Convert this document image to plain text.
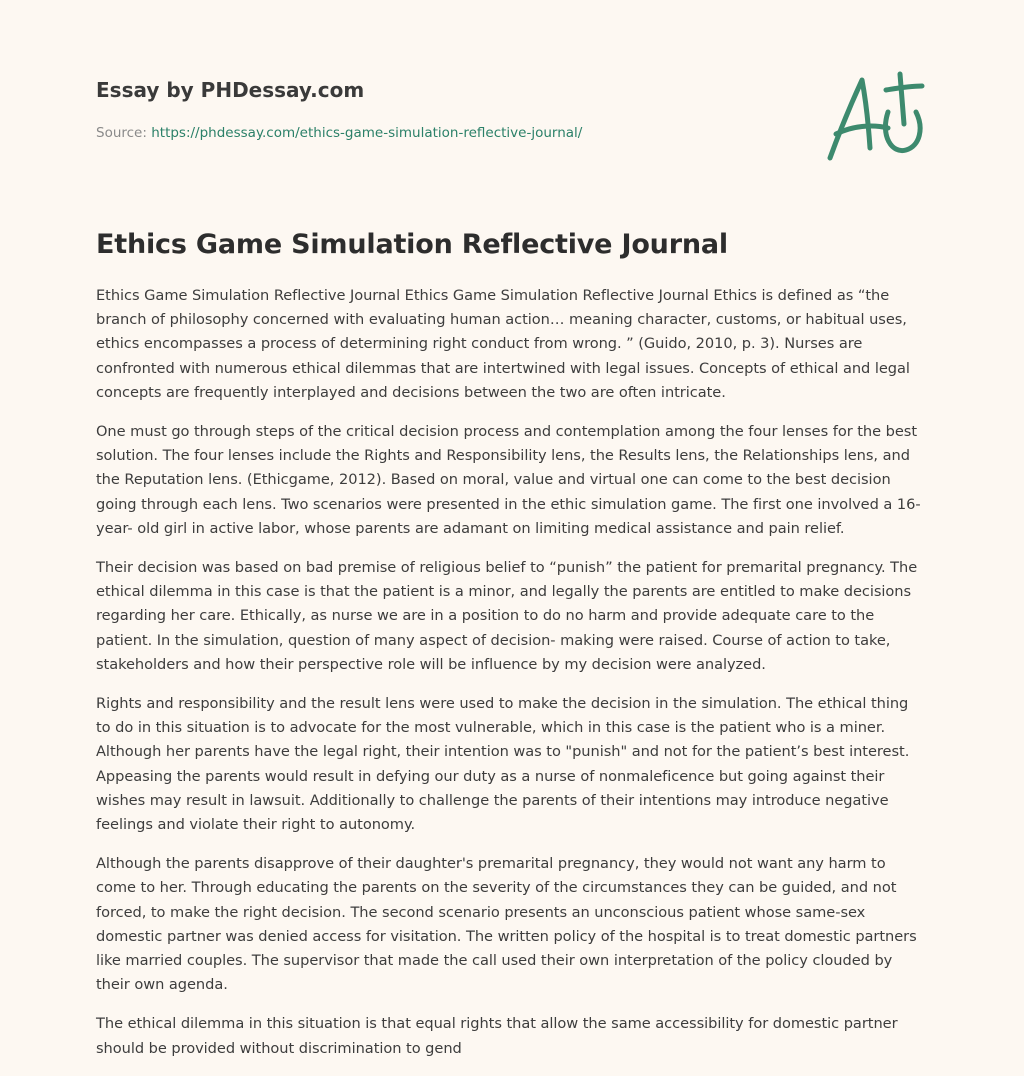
Essay by PHDessay.com
Source: https://phdessay.com/ethics-game-simulation-reflective-journal/
Ethics Game Simulation Reflective Journal

Ethics Game Simulation Reflective Journal Ethics Game Simulation Reflective Journal Ethics is defined as “the branch of philosophy concerned with evaluating human action… meaning character, customs, or habitual uses, ethics encompasses a process of determining right conduct from wrong. ” (Guido, 2010, p. 3). Nurses are confronted with numerous ethical dilemmas that are intertwined with legal issues. Concepts of ethical and legal concepts are frequently interplayed and decisions between the two are often intricate.

One must go through steps of the critical decision process and contemplation among the four lenses for the best solution. The four lenses include the Rights and Responsibility lens, the Results lens, the Relationships lens, and the Reputation lens. (Ethicgame, 2012). Based on moral, value and virtual one can come to the best decision going through each lens. Two scenarios were presented in the ethic simulation game. The first one involved a 16- year- old girl in active labor, whose parents are adamant on limiting medical assistance and pain relief.

Their decision was based on bad premise of religious belief to “punish” the patient for premarital pregnancy. The ethical dilemma in this case is that the patient is a minor, and legally the parents are entitled to make decisions regarding her care. Ethically, as nurse we are in a position to do no harm and provide adequate care to the patient. In the simulation, question of many aspect of decision- making were raised. Course of action to take, stakeholders and how their perspective role will be influence by my decision were analyzed.

Rights and responsibility and the result lens were used to make the decision in the simulation. The ethical thing to do in this situation is to advocate for the most vulnerable, which in this case is the patient who is a miner. Although her parents have the legal right, their intention was to "punish" and not for the patient’s best interest. Appeasing the parents would result in defying our duty as a nurse of nonmaleficence but going against their wishes may result in lawsuit. Additionally to challenge the parents of their intentions may introduce negative feelings and violate their right to autonomy.

Although the parents disapprove of their daughter's premarital pregnancy, they would not want any harm to come to her. Through educating the parents on the severity of the circumstances they can be guided, and not forced, to make the right decision. The second scenario presents an unconscious patient whose same-sex domestic partner was denied access for visitation. The written policy of the hospital is to treat domestic partners like married couples. The supervisor that made the call used their own interpretation of the policy clouded by their own agenda.

The ethical dilemma in this situation is that equal rights that allow the same accessibility for domestic partner should be provided without discrimination to gend
